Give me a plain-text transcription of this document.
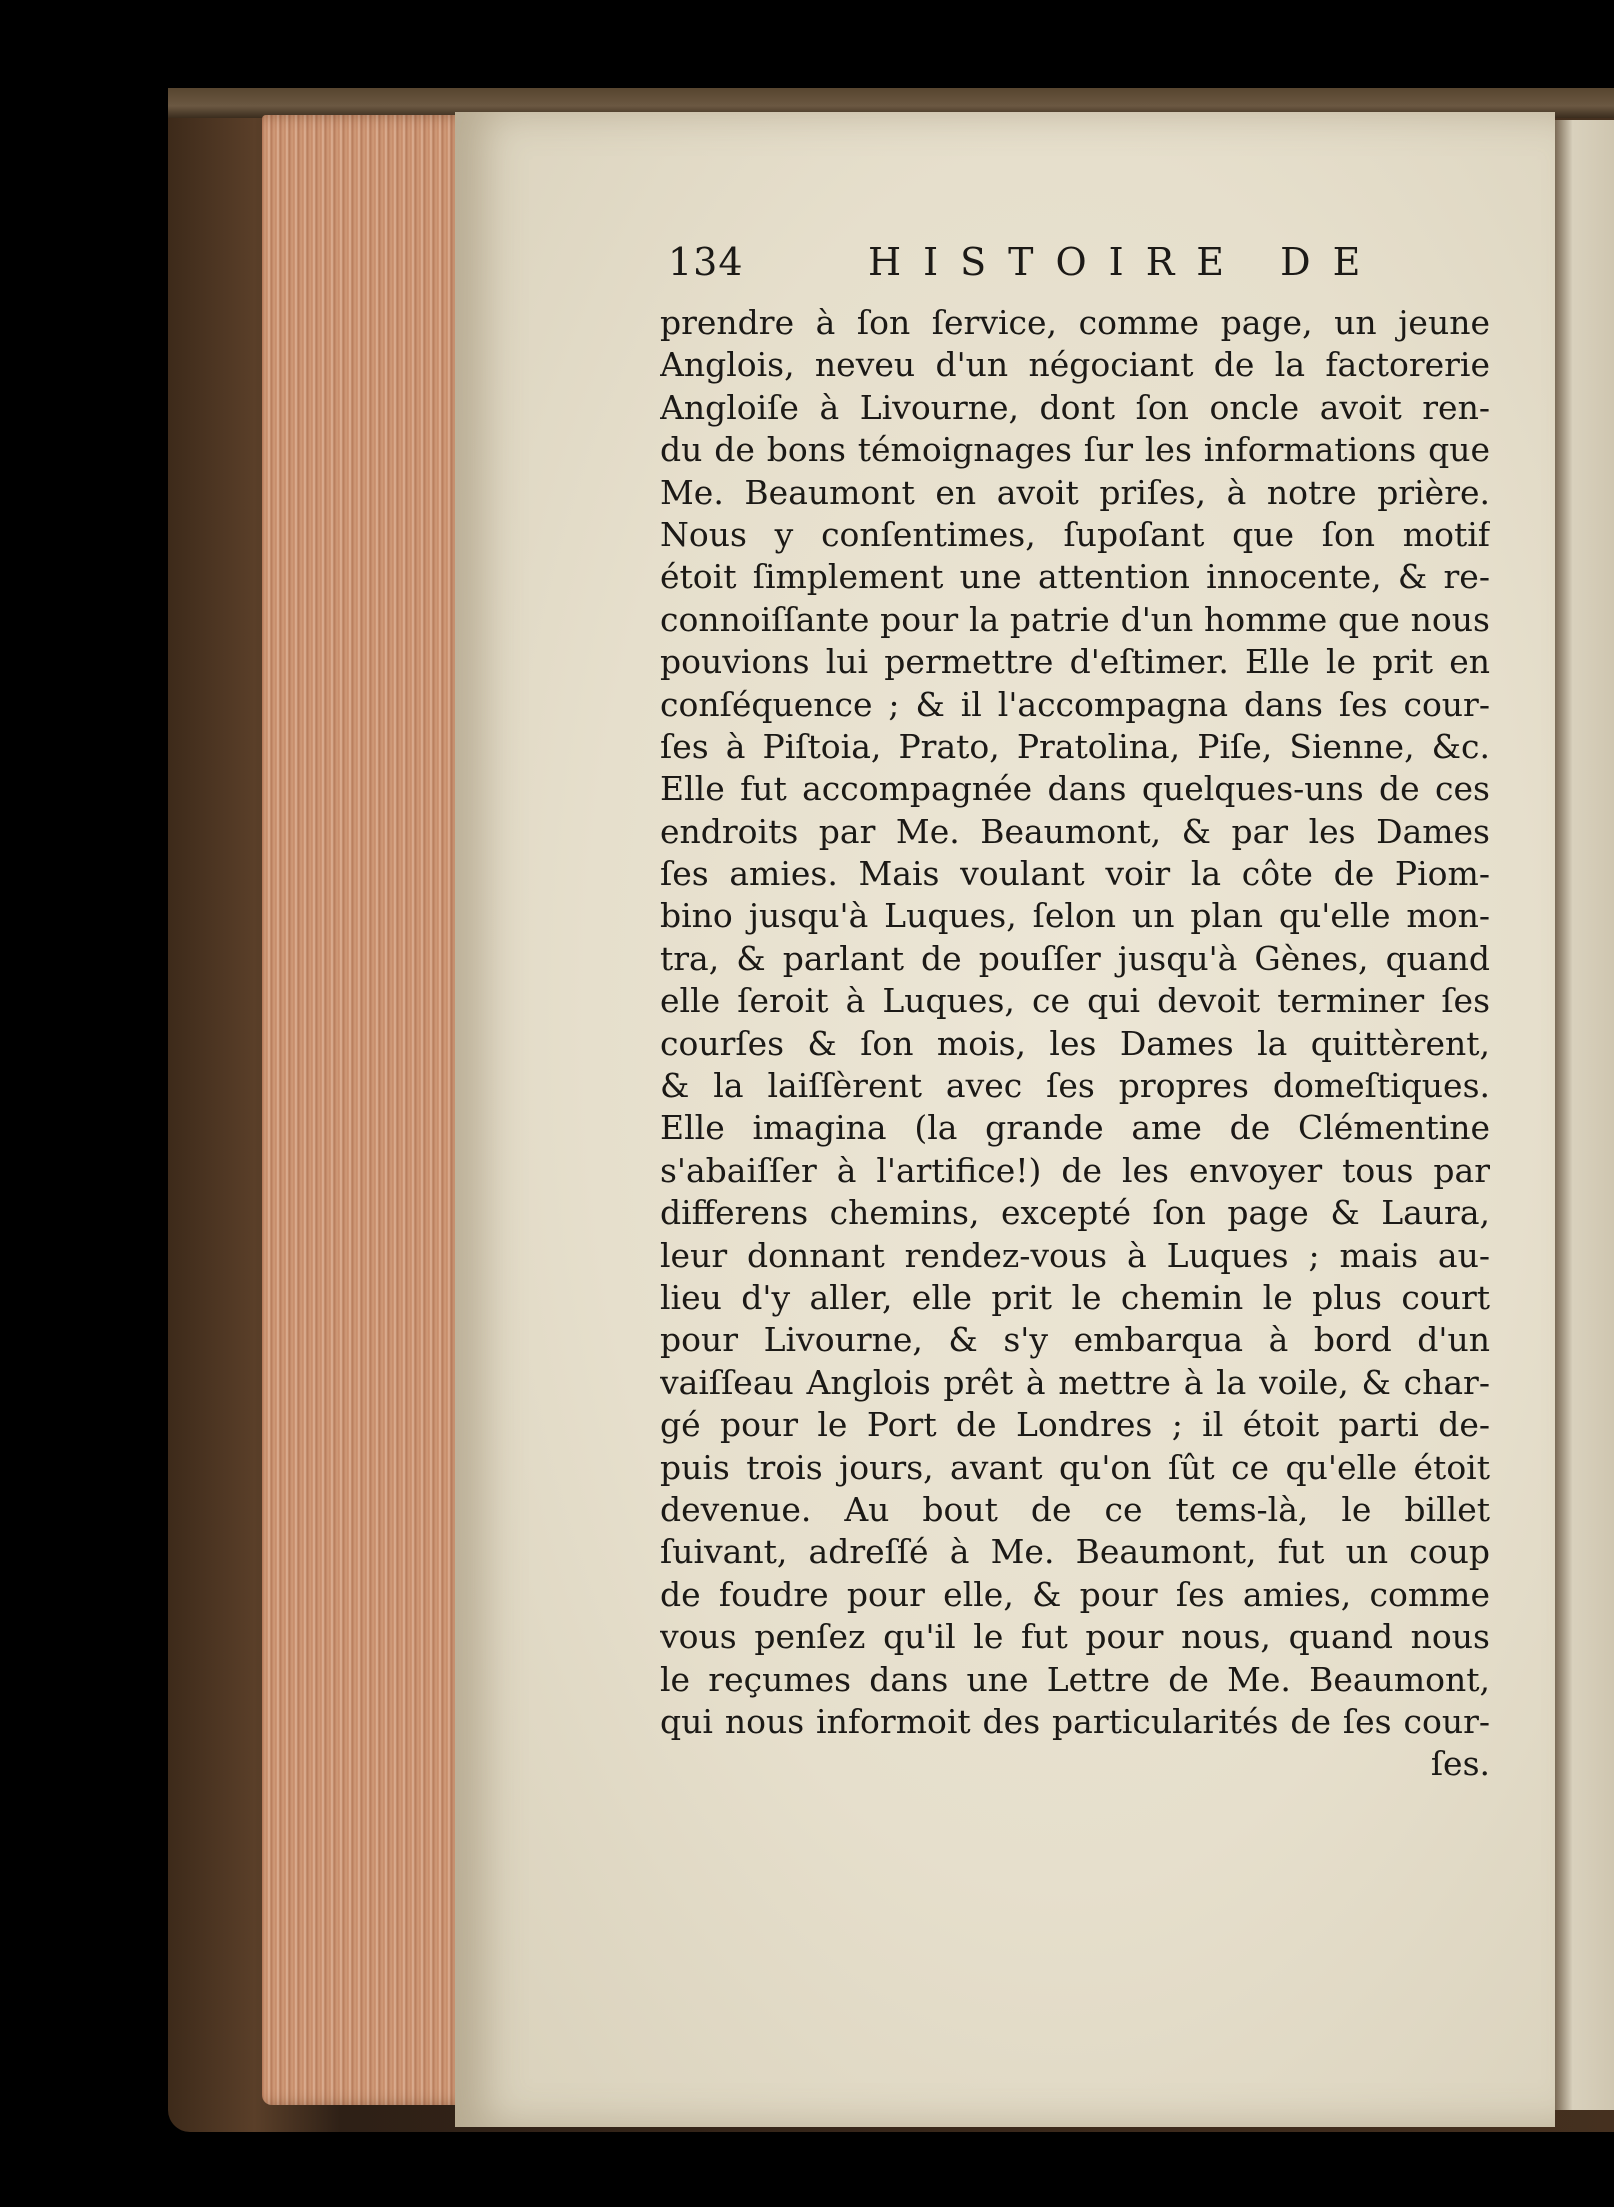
134	HISTOIRE DE
prendre à ſon ſervice, comme page, un jeune
Anglois, neveu d'un négociant de la factorerie
Angloiſe à Livourne, dont ſon oncle avoit ren-
du de bons témoignages ſur les informations que
Me. Beaumont en avoit priſes, à notre prière.
Nous y conſentimes, ſupoſant que ſon motif
étoit ſimplement une attention innocente, & re-
connoiſſante pour la patrie d'un homme que nous
pouvions lui permettre d'eſtimer. Elle le prit en
conſéquence ; & il l'accompagna dans ſes cour-
ſes à Piſtoia, Prato, Pratolina, Piſe, Sienne, &c.
Elle fut accompagnée dans quelques-uns de ces
endroits par Me. Beaumont, & par les Dames
ſes amies. Mais voulant voir la côte de Piom-
bino jusqu'à Luques, ſelon un plan qu'elle mon-
tra, & parlant de pouſſer jusqu'à Gènes, quand
elle ſeroit à Luques, ce qui devoit terminer ſes
courſes & ſon mois, les Dames la quittèrent,
& la laiſſèrent avec ſes propres domeſtiques.
Elle imagina (la grande ame de Clémentine
s'abaiſſer à l'artifice!) de les envoyer tous par
differens chemins, excepté ſon page & Laura,
leur donnant rendez-vous à Luques ; mais au-
lieu d'y aller, elle prit le chemin le plus court
pour Livourne, & s'y embarqua à bord d'un
vaiſſeau Anglois prêt à mettre à la voile, & char-
gé pour le Port de Londres ; il étoit parti de-
puis trois jours, avant qu'on ſût ce qu'elle étoit
devenue. Au bout de ce tems-là, le billet
ſuivant, adreſſé à Me. Beaumont, fut un coup
de foudre pour elle, & pour ſes amies, comme
vous penſez qu'il le fut pour nous, quand nous
le reçumes dans une Lettre de Me. Beaumont,
qui nous informoit des particularités de ſes cour-
ſes.
